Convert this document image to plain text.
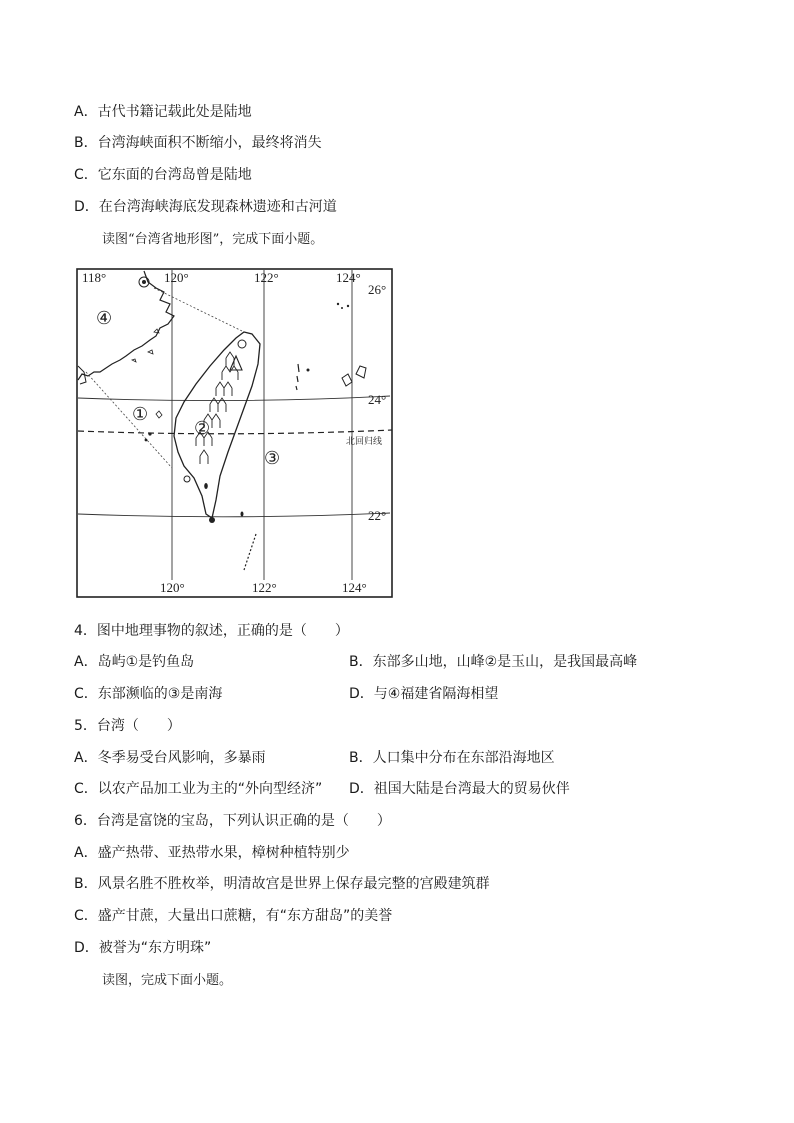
A．古代书籍记载此处是陆地
B．台湾海峡面积不断缩小，最终将消失
C．它东面的台湾岛曾是陆地
D．在台湾海峡海底发现森林遗迹和古河道
读图“台湾省地形图”，完成下面小题。
④
①
②
③
118°	120°	122°	124°
120°	122°	124°
26°
24°
22°
北回归线
4．图中地理事物的叙述，正确的是（　　）
A．岛屿①是钓鱼岛	B．东部多山地，山峰②是玉山，是我国最高峰
C．东部濒临的③是南海	D．与④福建省隔海相望
5．台湾（　　）
A．冬季易受台风影响，多暴雨	B．人口集中分布在东部沿海地区
C．以农产品加工业为主的“外向型经济” D．祖国大陆是台湾最大的贸易伙伴
6．台湾是富饶的宝岛，下列认识正确的是（　　）
A．盛产热带、亚热带水果，樟树种植特别少
B．风景名胜不胜枚举，明清故宫是世界上保存最完整的宫殿建筑群
C．盛产甘蔗，大量出口蔗糖，有“东方甜岛”的美誉
D．被誉为“东方明珠”
读图，完成下面小题。
